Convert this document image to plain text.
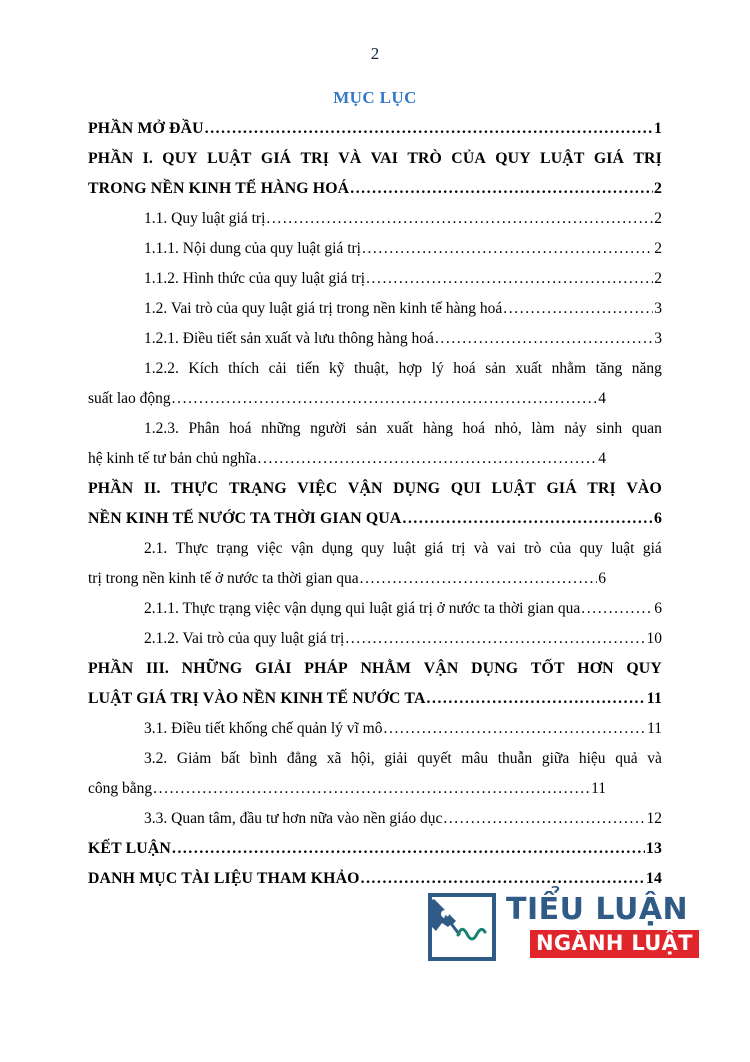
2
MỤC LỤC
PHẦN MỞ ĐẦU .....	1
PHẦN I. QUY LUẬT GIÁ TRỊ VÀ VAI TRÒ CỦA QUY LUẬT GIÁ TRỊ
TRONG NỀN KINH TẾ HÀNG HOÁ .....	2
1.1. Quy luật giá trị .....	2
1.1.1. Nội dung của quy luật giá trị .....	2
1.1.2. Hình thức của quy luật giá trị .....	2
1.2. Vai trò của quy luật giá trị trong nền kinh tế hàng hoá .....	3
1.2.1. Điều tiết sản xuất và lưu thông hàng hoá .....	3
1.2.2. Kích thích cải tiến kỹ thuật, hợp lý hoá sản xuất nhằm tăng năng
suất lao động .....	4
1.2.3. Phân hoá những người sản xuất hàng hoá nhỏ, làm nảy sinh quan
hệ kinh tế tư bản chủ nghĩa .....	4
PHẦN II. THỰC TRẠNG VIỆC VẬN DỤNG QUI LUẬT GIÁ TRỊ VÀO
NỀN KINH TẾ NƯỚC TA THỜI GIAN QUA .....	6
2.1. Thực trạng việc vận dụng quy luật giá trị và vai trò của quy luật giá
trị trong nền kinh tế ở nước ta thời gian qua .....	6
2.1.1. Thực trạng việc vận dụng qui luật giá trị ở nước ta thời gian qua .....	6
2.1.2. Vai trò của quy luật giá trị .....	10
PHẦN III. NHỮNG GIẢI PHÁP NHẰM VẬN DỤNG TỐT HƠN QUY
LUẬT GIÁ TRỊ VÀO NỀN KINH TẾ NƯỚC TA .....	11
3.1. Điều tiết khống chế quản lý vĩ mô .....	11
3.2. Giảm bất bình đẳng xã hội, giải quyết mâu thuẫn giữa hiệu quả và
công bằng .....	11
3.3. Quan tâm, đầu tư hơn nữa vào nền giáo dục .....	12
KẾT LUẬN .....	13
DANH MỤC TÀI LIỆU THAM KHẢO .....	14
TIỂU LUẬN
NGÀNH LUẬT
